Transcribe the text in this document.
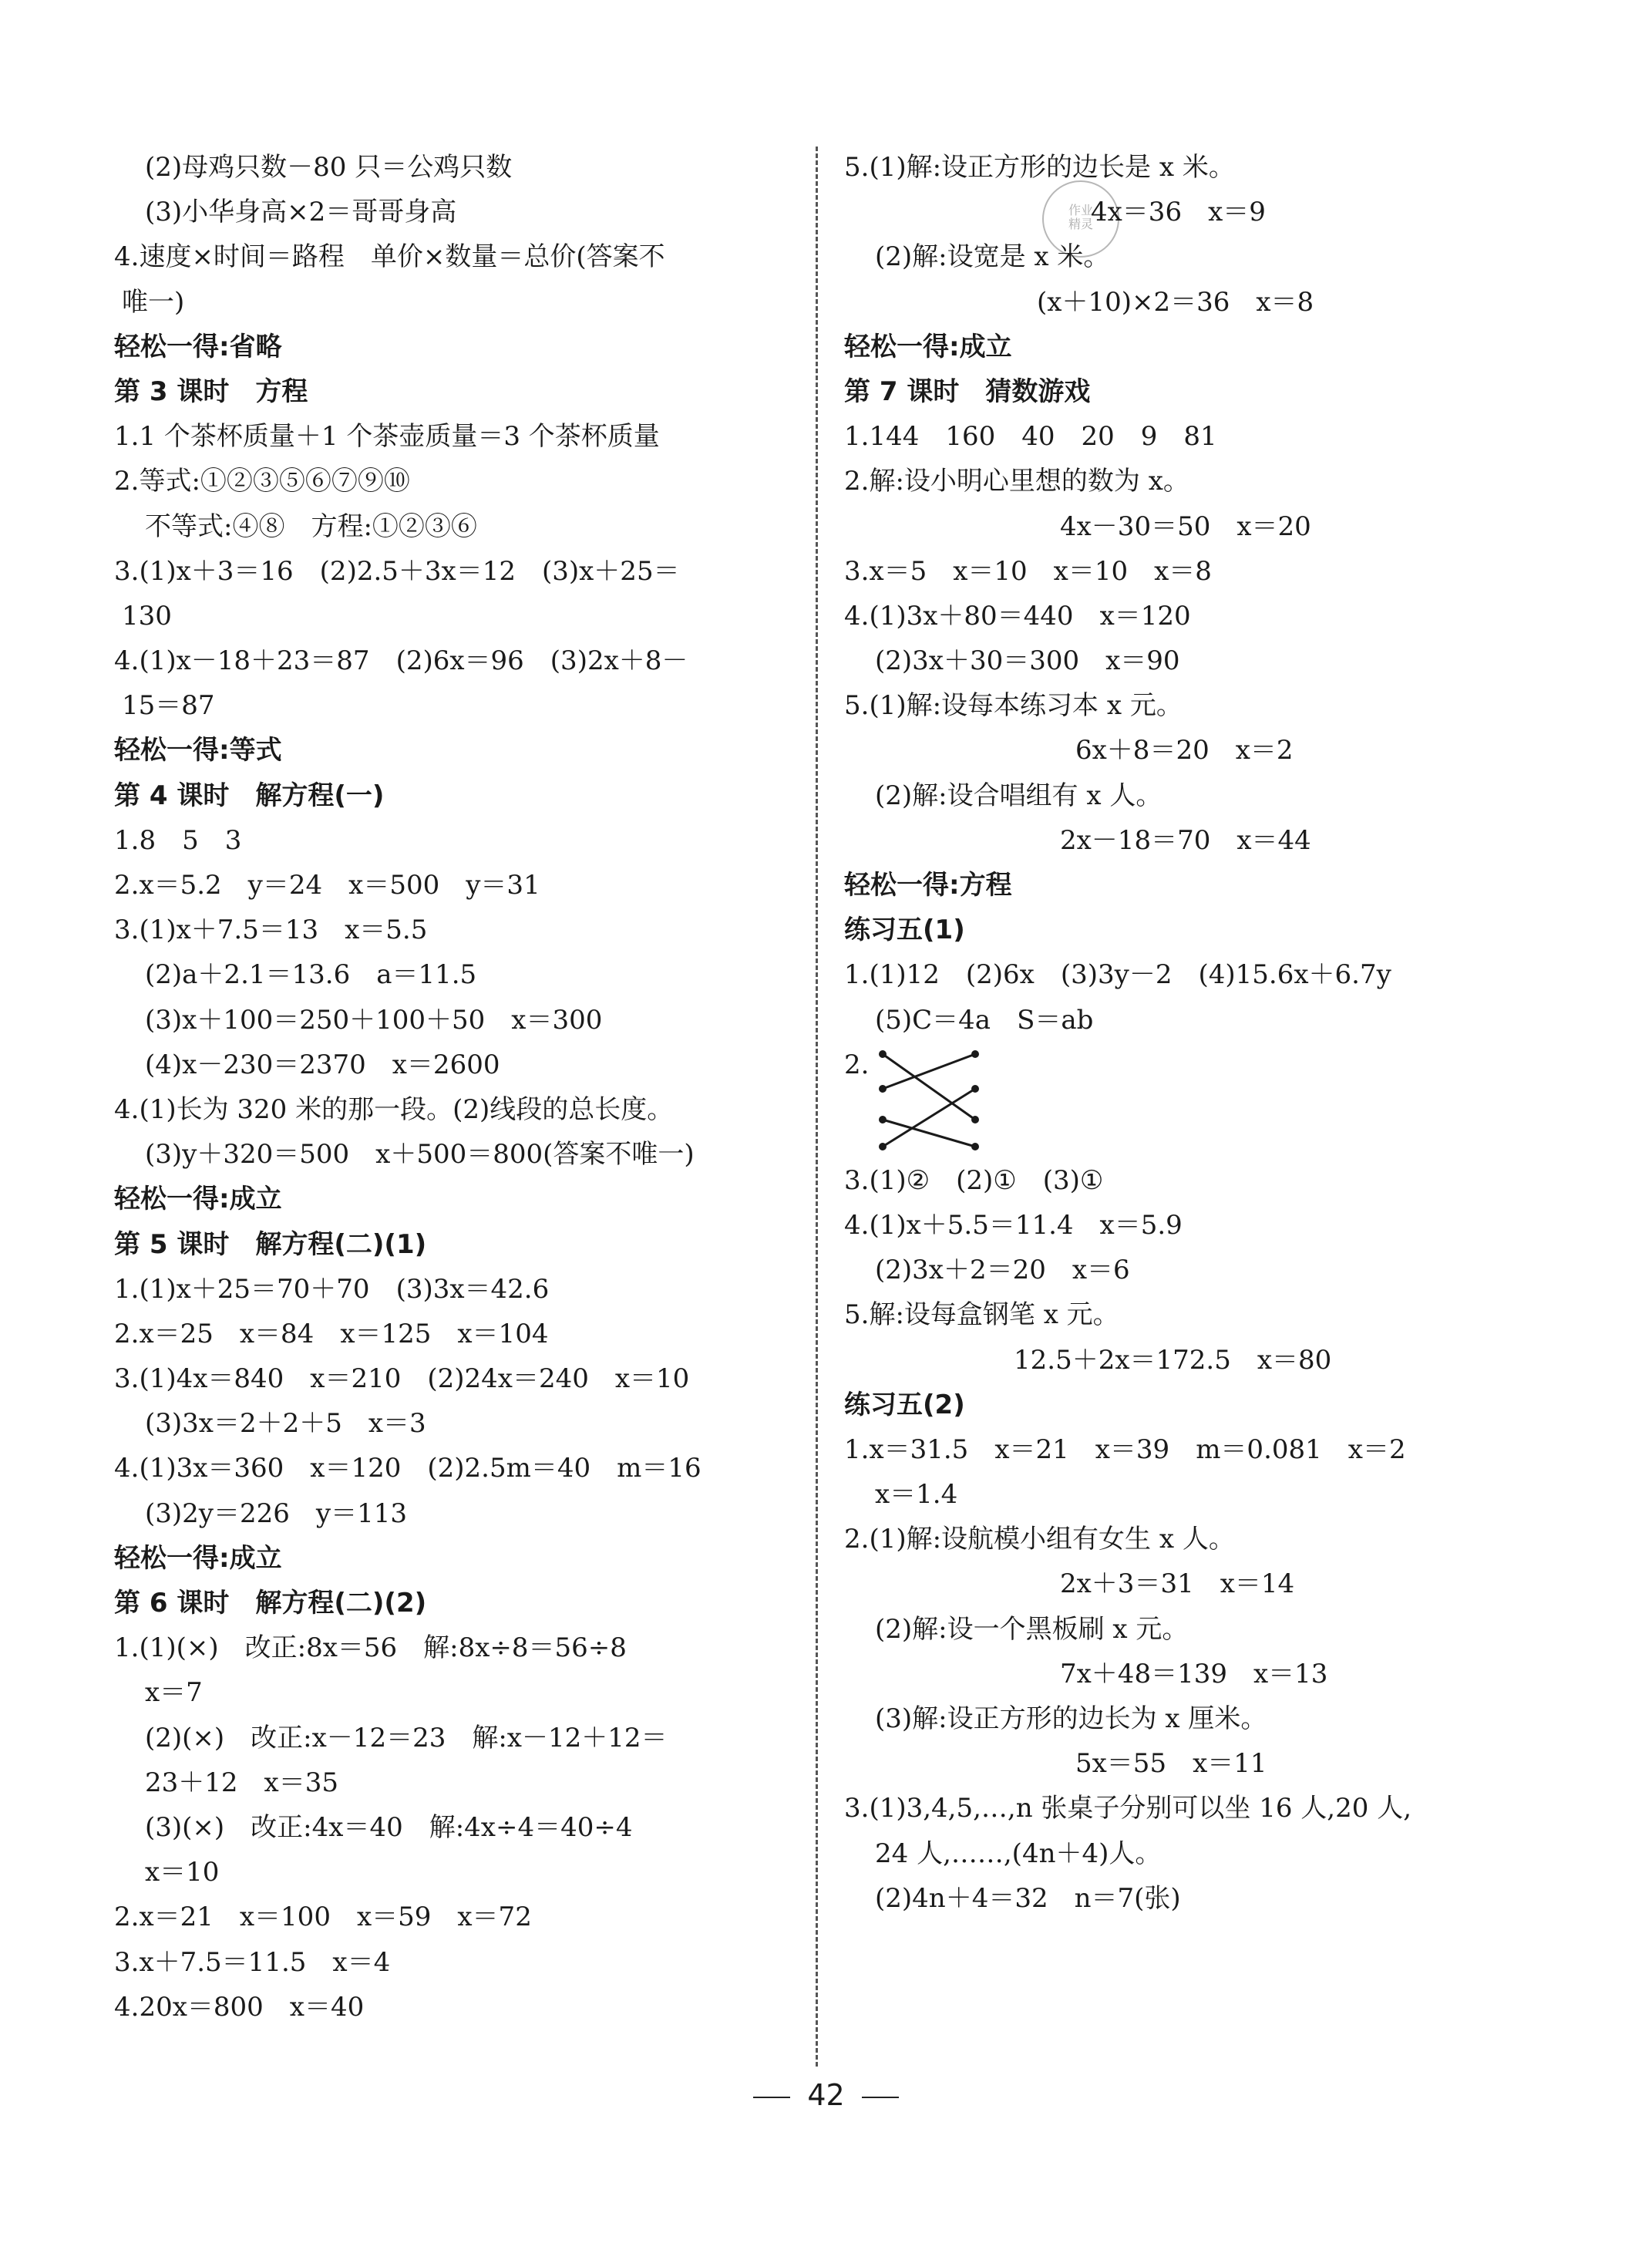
作业
精灵
(2)母鸡只数－80 只＝公鸡只数
(3)小华身高×2＝哥哥身高
4.速度×时间＝路程　单价×数量＝总价(答案不
唯一)
轻松一得:省略
第 3 课时　方程
1.1 个茶杯质量＋1 个茶壶质量＝3 个茶杯质量
2.等式:①②③⑤⑥⑦⑨⑩
不等式:④⑧　方程:①②③⑥
3.(1)x＋3＝16　(2)2.5＋3x＝12　(3)x＋25＝
130
4.(1)x－18＋23＝87　(2)6x＝96　(3)2x＋8－
15＝87
轻松一得:等式
第 4 课时　解方程(一)
1.8　5　3
2.x＝5.2　y＝24　x＝500　y＝31
3.(1)x＋7.5＝13　x＝5.5
(2)a＋2.1＝13.6　a＝11.5
(3)x＋100＝250＋100＋50　x＝300
(4)x－230＝2370　x＝2600
4.(1)长为 320 米的那一段。(2)线段的总长度。
(3)y＋320＝500　x＋500＝800(答案不唯一)
轻松一得:成立
第 5 课时　解方程(二)(1)
1.(1)x＋25＝70＋70　(3)3x＝42.6
2.x＝25　x＝84　x＝125　x＝104
3.(1)4x＝840　x＝210　(2)24x＝240　x＝10
(3)3x＝2＋2＋5　x＝3
4.(1)3x＝360　x＝120　(2)2.5m＝40　m＝16
(3)2y＝226　y＝113
轻松一得:成立
第 6 课时　解方程(二)(2)
1.(1)(×)　改正:8x＝56　解:8x÷8＝56÷8
x＝7
(2)(×)　改正:x－12＝23　解:x－12＋12＝
23＋12　x＝35
(3)(×)　改正:4x＝40　解:4x÷4＝40÷4
x＝10
2.x＝21　x＝100　x＝59　x＝72
3.x＋7.5＝11.5　x＝4
4.20x＝800　x＝40
5.(1)解:设正方形的边长是 x 米。
4x＝36　x＝9
(2)解:设宽是 x 米。
(x＋10)×2＝36　x＝8
轻松一得:成立
第 7 课时　猜数游戏
1.144　160　40　20　9　81
2.解:设小明心里想的数为 x。
4x－30＝50　x＝20
3.x＝5　x＝10　x＝10　x＝8
4.(1)3x＋80＝440　x＝120
(2)3x＋30＝300　x＝90
5.(1)解:设每本练习本 x 元。
6x＋8＝20　x＝2
(2)解:设合唱组有 x 人。
2x－18＝70　x＝44
轻松一得:方程
练习五(1)
1.(1)12　(2)6x　(3)3y－2　(4)15.6x＋6.7y
(5)C＝4a　S＝ab
2.
3.(1)②　(2)①　(3)①
4.(1)x＋5.5＝11.4　x＝5.9
(2)3x＋2＝20　x＝6
5.解:设每盒钢笔 x 元。
12.5＋2x＝172.5　x＝80
练习五(2)
1.x＝31.5　x＝21　x＝39　m＝0.081　x＝2
x＝1.4
2.(1)解:设航模小组有女生 x 人。
2x＋3＝31　x＝14
(2)解:设一个黑板刷 x 元。
7x＋48＝139　x＝13
(3)解:设正方形的边长为 x 厘米。
5x＝55　x＝11
3.(1)3,4,5,…,n 张桌子分别可以坐 16 人,20 人,
24 人,……,(4n＋4)人。
(2)4n＋4＝32　n＝7(张)
42
